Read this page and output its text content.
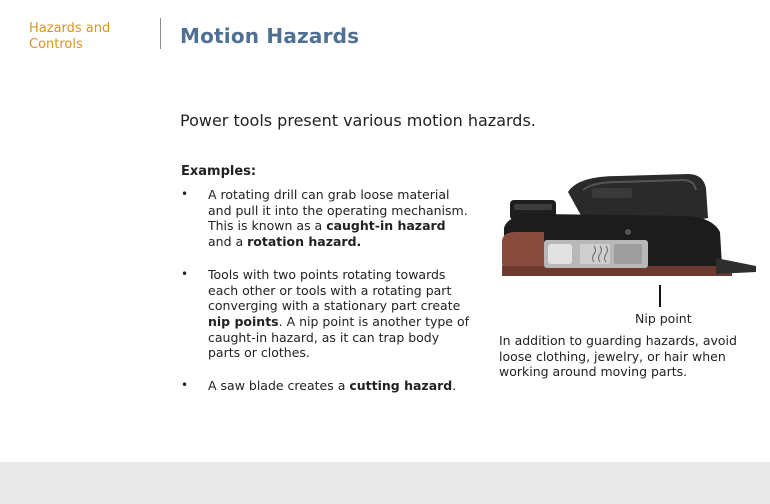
Hazards and Controls	Motion Hazards
Power tools present various motion hazards.
Examples:
• A rotating drill can grab loose material and pull it into the operating mechanism. This is known as a caught-in hazard and a rotation hazard.
• Tools with two points rotating towards each other or tools with a rotating part converging with a stationary part create nip points. A nip point is another type of caught-in hazard, as it can trap body parts or clothes.
• A saw blade creates a cutting hazard.
Nip point
In addition to guarding hazards, avoid loose clothing, jewelry, or hair when working around moving parts.
